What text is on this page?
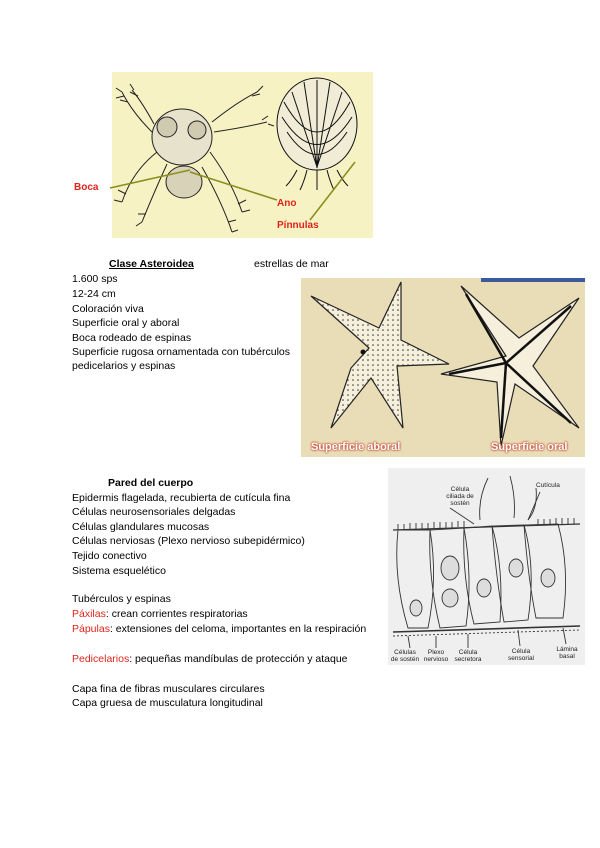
Boca
Ano
Pínnulas
Clase Asteroidea	estrellas de mar
1.600 sps
12-24 cm
Coloración viva
Superficie oral y aboral
Boca rodeado de espinas
Superficie rugosa ornamentada con tubérculos pedicelarios y espinas
Superficie aboral	Superficie oral
Pared del cuerpo
Epidermis flagelada, recubierta de cutícula fina
Células neurosensoriales delgadas
Células glandulares mucosas
Células nerviosas (Plexo nervioso subepidérmico)
Tejido conectivo
Sistema esquelético
Tubérculos y espinas
Páxilas: crean corrientes respiratorias
Pápulas: extensiones del celoma, importantes en la respiración
Pedicelarios: pequeñas mandíbulas de protección y ataque
Capa fina de fibras musculares circulares
Capa gruesa de musculatura longitudinal
Célula ciliada de sostén
Cutícula
Células de sostén
Plexo nervioso
Célula secretora
Célula sensorial
Lámina basal
